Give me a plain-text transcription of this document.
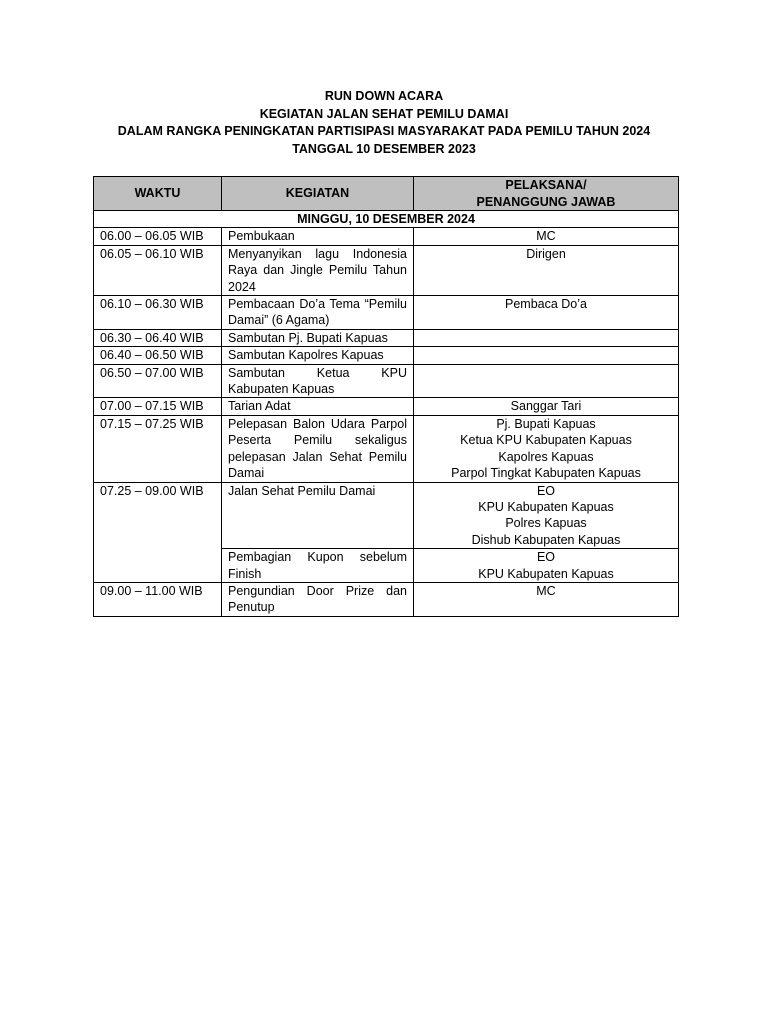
RUN DOWN ACARA
KEGIATAN JALAN SEHAT PEMILU DAMAI
DALAM RANGKA PENINGKATAN PARTISIPASI MASYARAKAT PADA PEMILU TAHUN 2024
TANGGAL 10 DESEMBER 2023
WAKTU	KEGIATAN	PELAKSANA/
PENANGGUNG JAWAB

MINGGU, 10 DESEMBER 2024		
06.00 – 06.05 WIB	Pembukaan	MC

06.05 – 06.10 WIB	Menyanyikan lagu Indonesia Raya dan Jingle Pemilu Tahun 2024	Dirigen

06.10 – 06.30 WIB	Pembacaan Do’a Tema “Pemilu Damai” (6 Agama)	Pembaca Do’a

06.30 – 06.40 WIB	Sambutan Pj. Bupati Kapuas	
06.40 – 06.50 WIB	Sambutan Kapolres Kapuas	
06.50 – 07.00 WIB	Sambutan Ketua KPU Kabupaten Kapuas	
07.00 – 07.15 WIB	Tarian Adat	Sanggar Tari

07.15 – 07.25 WIB	Pelepasan Balon Udara Parpol Peserta Pemilu sekaligus pelepasan Jalan Sehat Pemilu Damai	Pj. Bupati Kapuas
Ketua KPU Kabupaten Kapuas
Kapolres Kapuas
Parpol Tingkat Kabupaten Kapuas

07.25 – 09.00 WIB	Jalan Sehat Pemilu Damai	EO
KPU Kabupaten Kapuas
Polres Kapuas
Dishub Kabupaten Kapuas

	Pembagian Kupon sebelum Finish	EO
KPU Kabupaten Kapuas

09.00 – 11.00 WIB	Pengundian Door Prize dan Penutup	MC
